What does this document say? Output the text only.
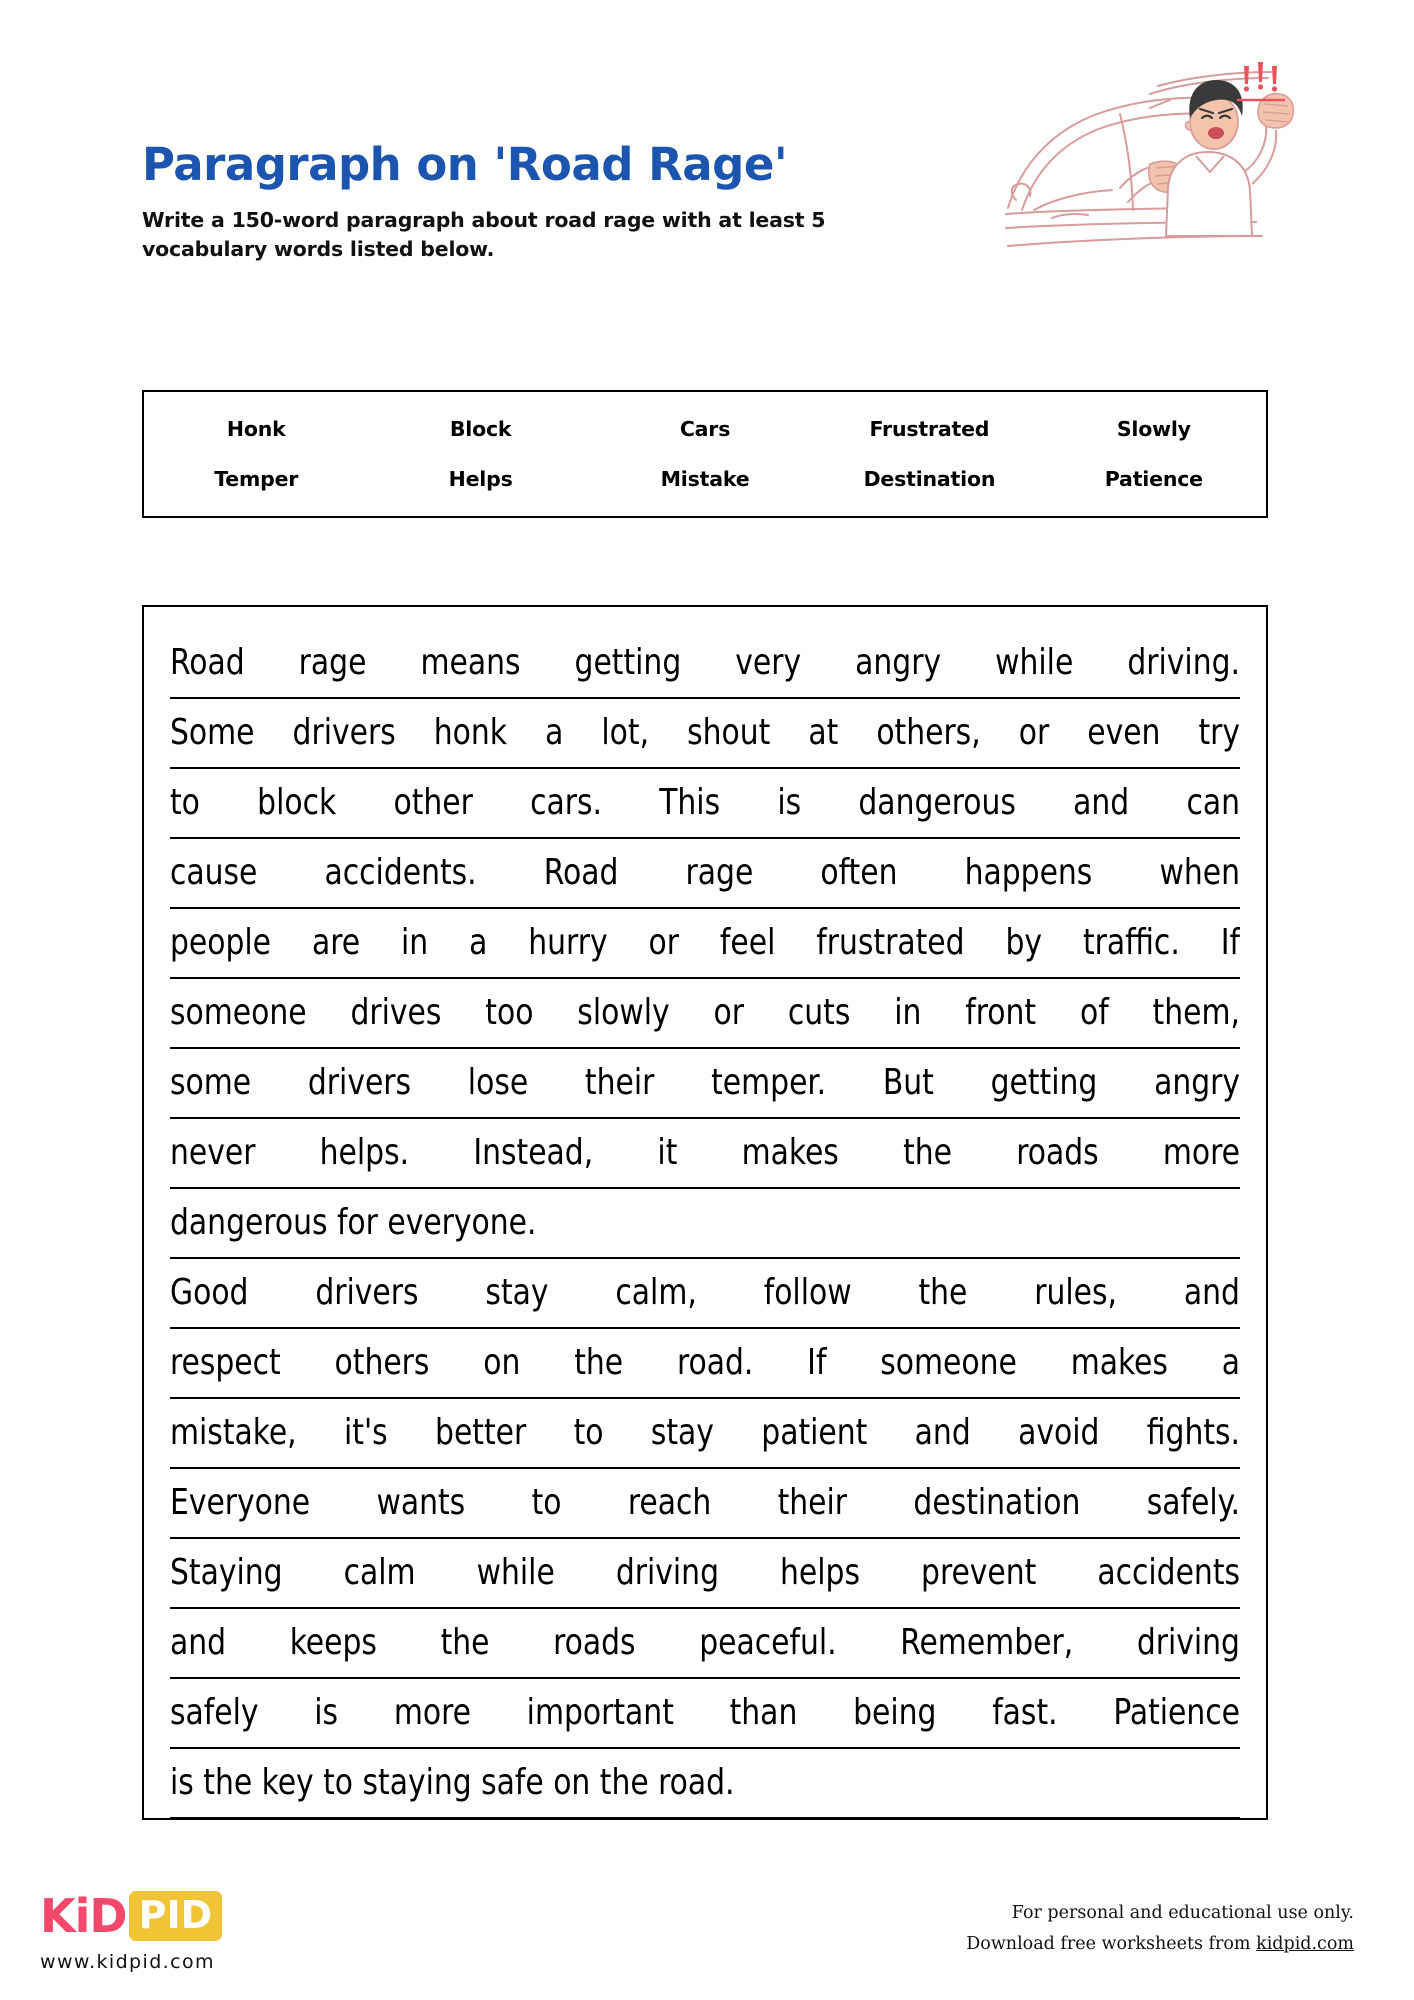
Paragraph on 'Road Rage'
Write a 150-word paragraph about road rage with at least 5 vocabulary words listed below.
Honk	Block	Cars	Frustrated	Slowly
Temper	Helps	Mistake	Destination	Patience
Road rage means getting very angry while driving.
Some drivers honk a lot, shout at others, or even try
to block other cars. This is dangerous and can
cause accidents. Road rage often happens when
people are in a hurry or feel frustrated by traffic. If
someone drives too slowly or cuts in front of them,
some drivers lose their temper. But getting angry
never helps. Instead, it makes the roads more
dangerous for everyone.
Good drivers stay calm, follow the rules, and
respect others on the road. If someone makes a
mistake, it's better to stay patient and avoid fights.
Everyone wants to reach their destination safely.
Staying calm while driving helps prevent accidents
and keeps the roads peaceful. Remember, driving
safely is more important than being fast. Patience
is the key to staying safe on the road.
KiD PID
www.kidpid.com
For personal and educational use only.
Download free worksheets from kidpid.com
